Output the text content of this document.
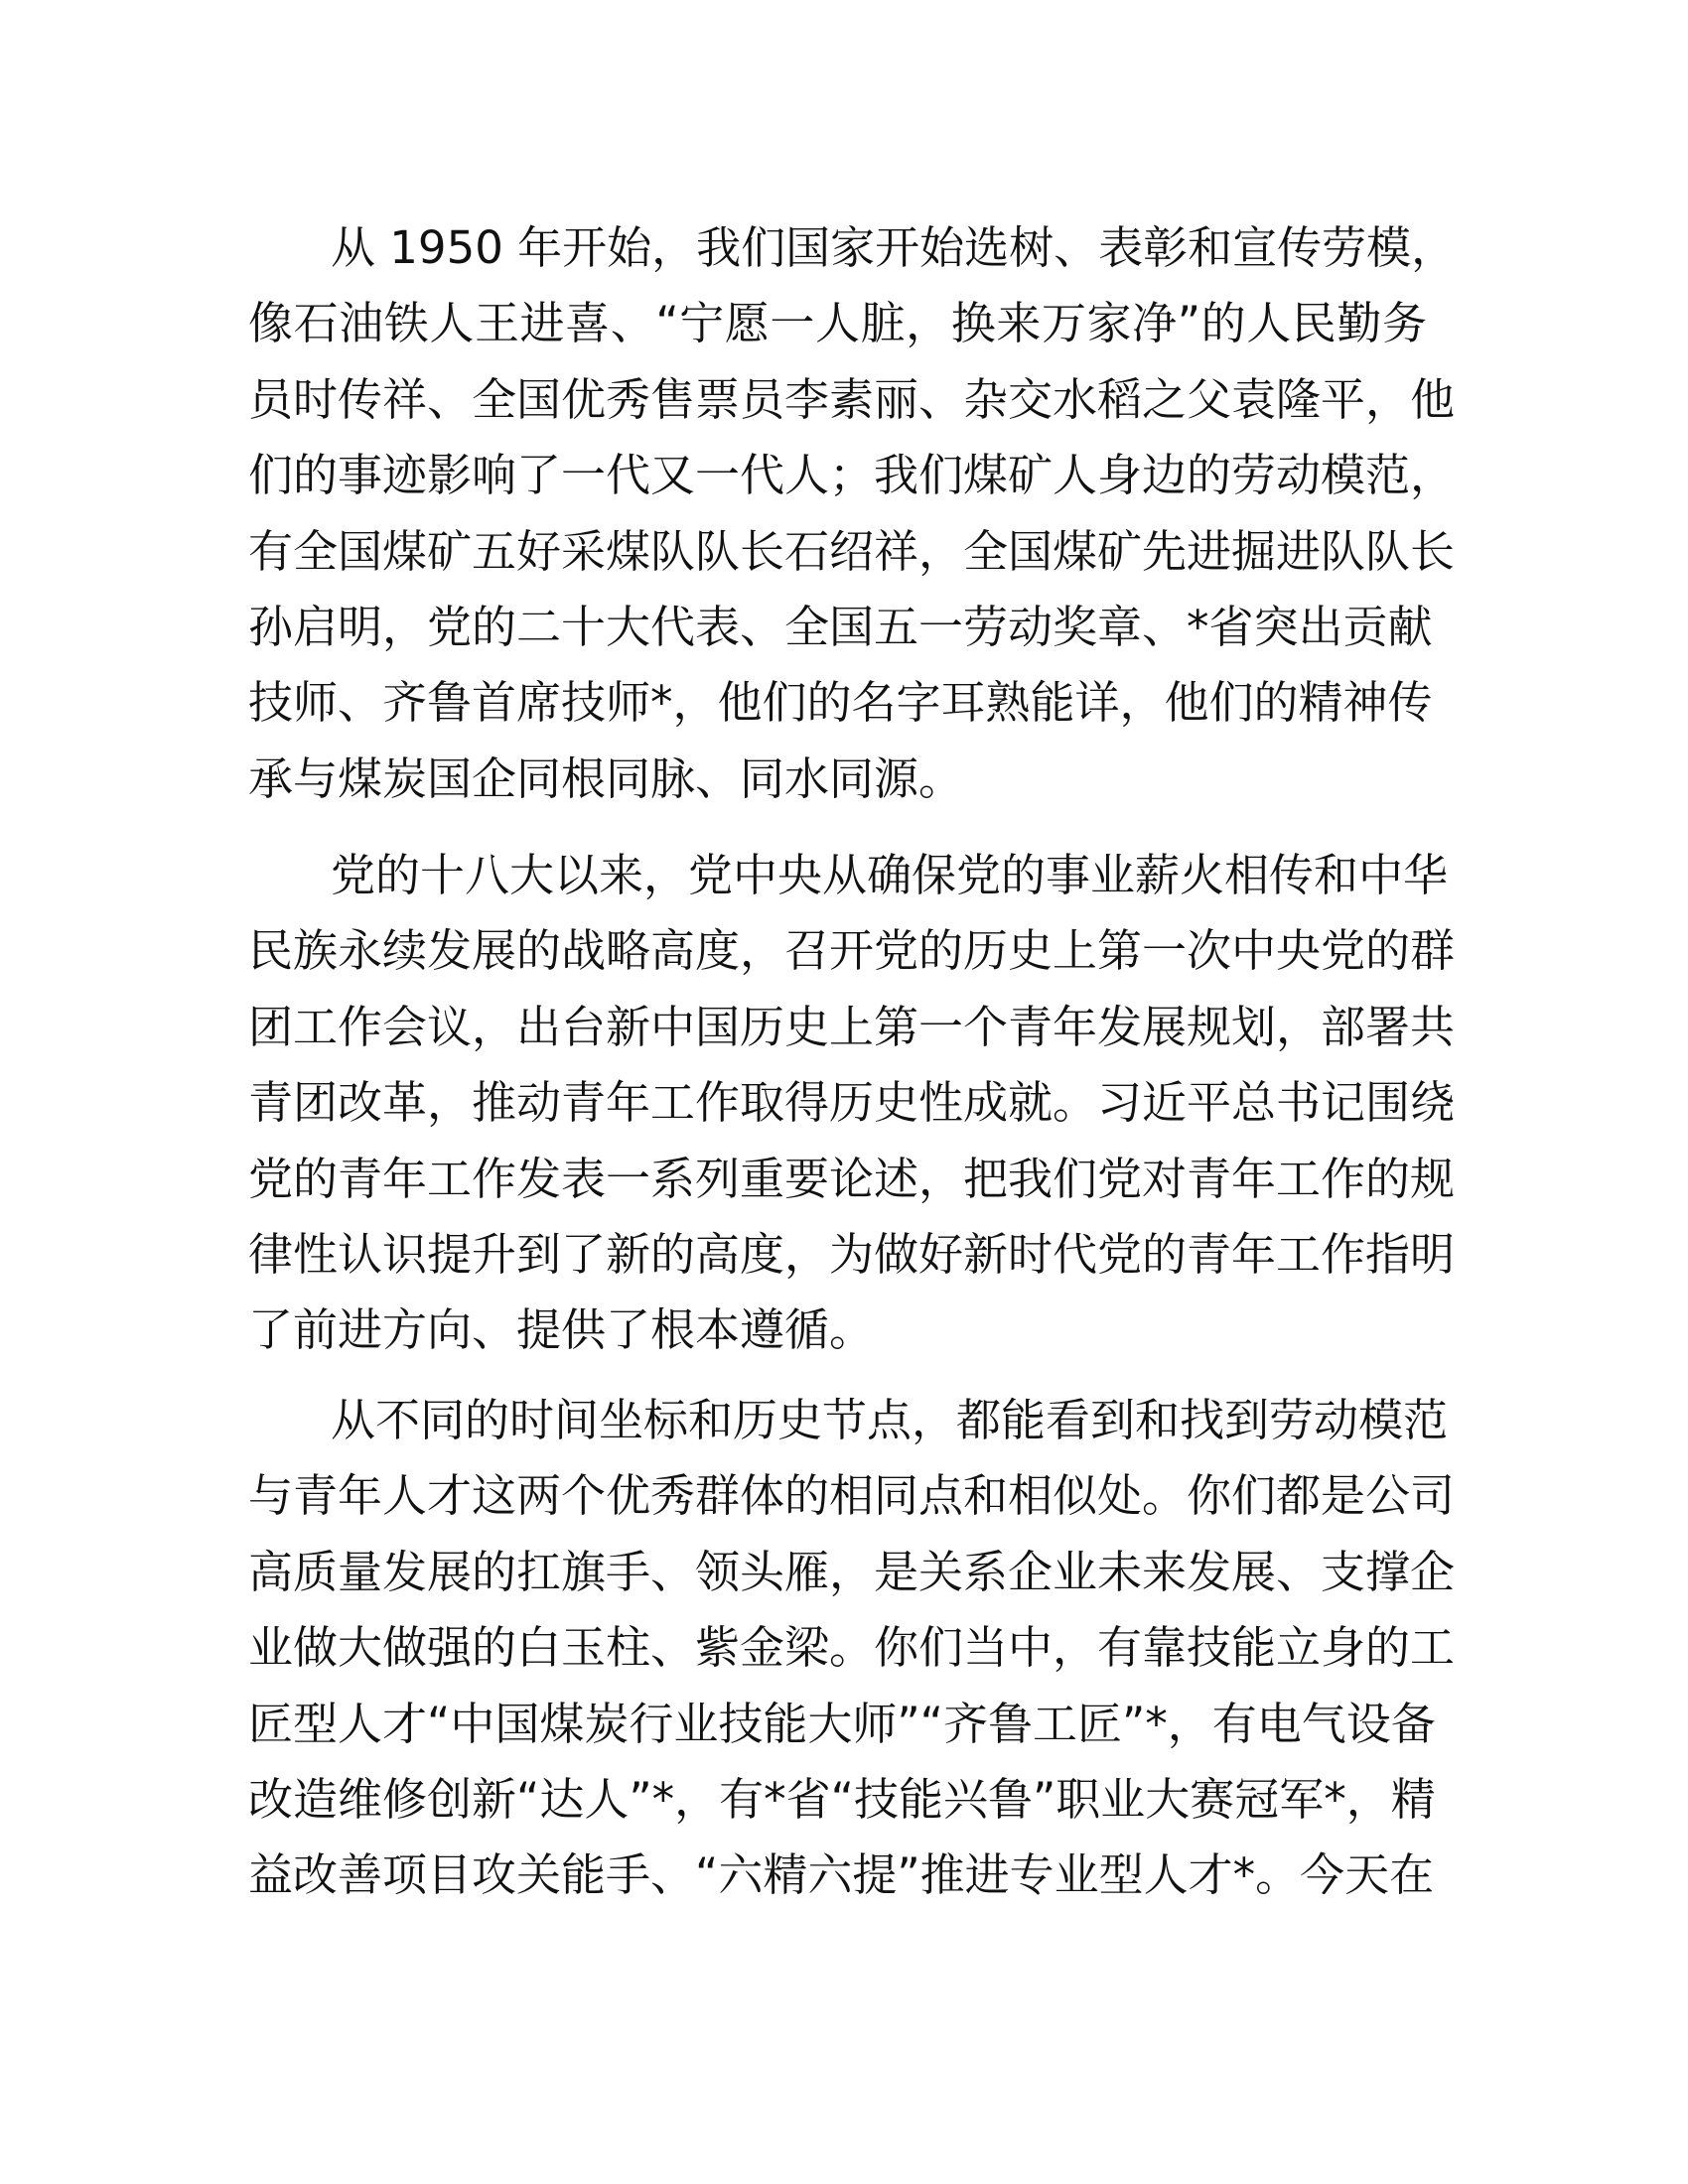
从 1950 年开始，我们国家开始选树、表彰和宣传劳模，
像石油铁人王进喜、“宁愿一人脏，换来万家净”的人民勤务
员时传祥、全国优秀售票员李素丽、杂交水稻之父袁隆平，他
们的事迹影响了一代又一代人；我们煤矿人身边的劳动模范，
有全国煤矿五好采煤队队长石绍祥，全国煤矿先进掘进队队长
孙启明，党的二十大代表、全国五一劳动奖章、*省突出贡献
技师、齐鲁首席技师*，他们的名字耳熟能详，他们的精神传
承与煤炭国企同根同脉、同水同源。
党的十八大以来，党中央从确保党的事业薪火相传和中华
民族永续发展的战略高度，召开党的历史上第一次中央党的群
团工作会议，出台新中国历史上第一个青年发展规划，部署共
青团改革，推动青年工作取得历史性成就。习近平总书记围绕
党的青年工作发表一系列重要论述，把我们党对青年工作的规
律性认识提升到了新的高度，为做好新时代党的青年工作指明
了前进方向、提供了根本遵循。
从不同的时间坐标和历史节点，都能看到和找到劳动模范
与青年人才这两个优秀群体的相同点和相似处。你们都是公司
高质量发展的扛旗手、领头雁，是关系企业未来发展、支撑企
业做大做强的白玉柱、紫金梁。你们当中，有靠技能立身的工
匠型人才“中国煤炭行业技能大师”“齐鲁工匠”*，有电气设备
改造维修创新“达人”*，有*省“技能兴鲁”职业大赛冠军*，精
益改善项目攻关能手、“六精六提”推进专业型人才*。今天在
